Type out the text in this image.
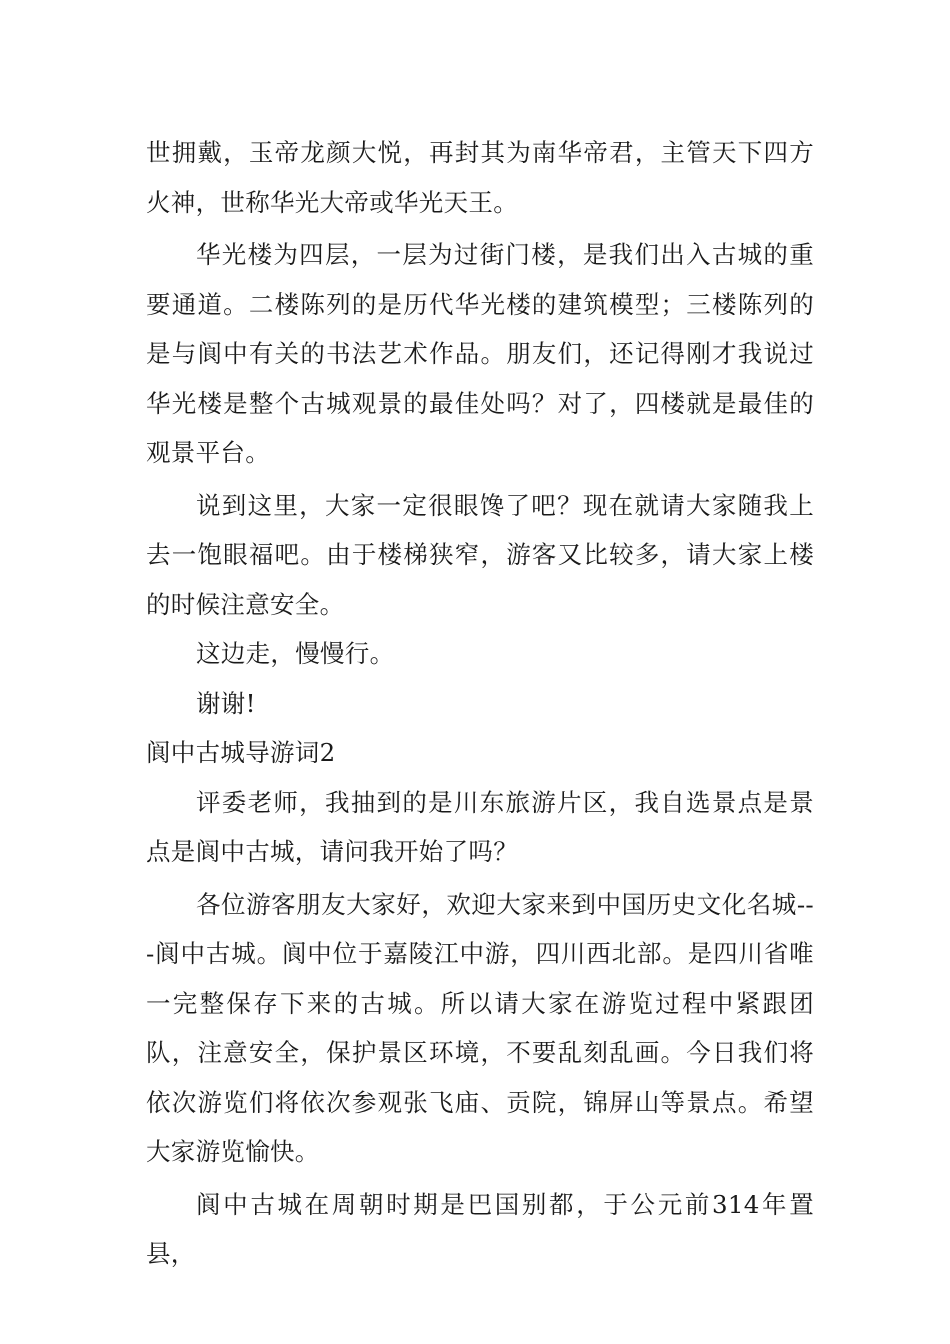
世拥戴，玉帝龙颜大悦，再封其为南华帝君，主管天下四方火神，世称华光大帝或华光天王。

华光楼为四层，一层为过街门楼，是我们出入古城的重要通道。二楼陈列的是历代华光楼的建筑模型；三楼陈列的是与阆中有关的书法艺术作品。朋友们，还记得刚才我说过华光楼是整个古城观景的最佳处吗？对了，四楼就是最佳的观景平台。

说到这里，大家一定很眼馋了吧？现在就请大家随我上去一饱眼福吧。由于楼梯狭窄，游客又比较多，请大家上楼的时候注意安全。

这边走，慢慢行。

谢谢!

阆中古城导游词2

评委老师，我抽到的是川东旅游片区，我自选景点是景点是阆中古城，请问我开始了吗？

各位游客朋友大家好，欢迎大家来到中国历史文化名城---阆中古城。阆中位于嘉陵江中游，四川西北部。是四川省唯一完整保存下来的古城。所以请大家在游览过程中紧跟团队，注意安全，保护景区环境，不要乱刻乱画。今日我们将依次游览们将依次参观张飞庙、贡院，锦屏山等景点。希望大家游览愉快。

阆中古城在周朝时期是巴国别都，于公元前314年置县，
